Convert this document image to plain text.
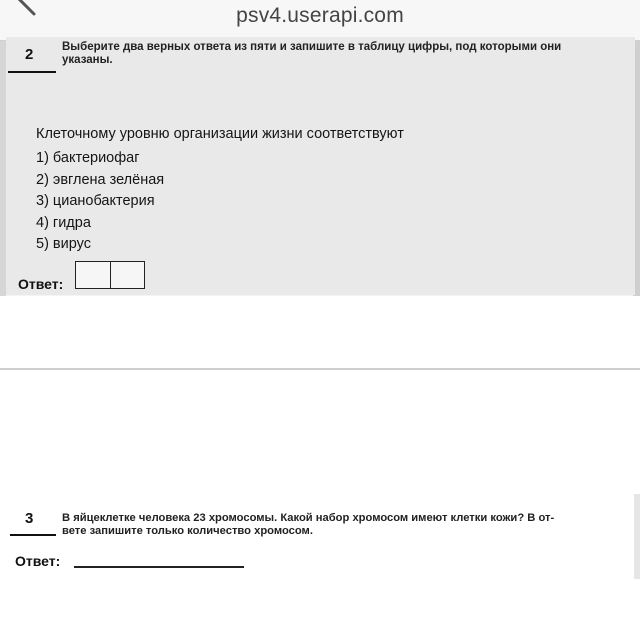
psv4.userapi.com
2 Выберите два верных ответа из пяти и запишите в таблицу цифры, под которыми они
указаны.
Клеточному уровню организации жизни соответствуют
1) бактериофаг
2) эвглена зелёная
3) цианобактерия
4) гидра
5) вирус
Ответ:
3	В яйцеклетке человека 23 хромосомы. Какой набор хромосом имеют клетки кожи? В от-
вете запишите только количество хромосом.
Ответ:
